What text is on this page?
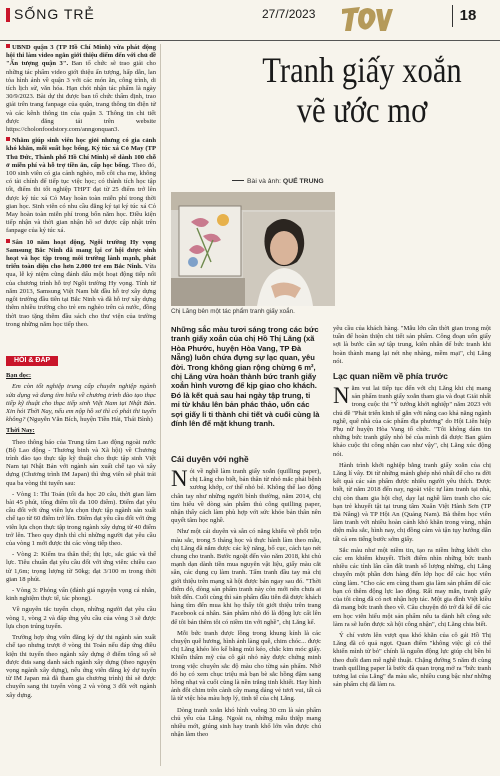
SỐNG TRẺ	27/7/2023	18

UBND quận 3 (TP Hồ Chí Minh) vừa phát động hội thi làm video ngắn giới thiệu điểm đến với chủ đề "Ấn tượng quận 3". Ban tổ chức sẽ trao giải cho những tác phẩm video giới thiệu ấn tượng, hấp dẫn, lan tỏa hình ảnh về quận 3 với các món ăn, công trình, di tích lịch sử, văn hóa. Hạn chót nhận tác phẩm là ngày 30/9/2023. Bài dự thi được ban tổ chức thẩm định, trao giải trên trang fanpage của quận, trang thông tin điện tử và các kênh thông tin của quận 3. Thông tin chi tiết được đăng tải trên website https://cholonfoodstory.com/anngonquan3.

Nhằm giúp sinh viên học giỏi nhưng có gia cảnh khó khăn, mỗi suất học bổng, Ký túc xá Cỏ May (TP Thủ Đức, Thành phố Hồ Chí Minh) sẽ dành 100 chỗ ở miễn phí và hỗ trợ tiền ăn, cấp học bổng. Theo đó, 100 sinh viên có gia cảnh nghèo, mồ côi cha mẹ, không có tài chính để tiếp tục việc học; có thành tích học tập tốt, điểm thi tốt nghiệp THPT đạt từ 25 điểm trở lên được ký túc xá Cỏ May hoàn toàn miễn phí trong thời gian học. Sinh viên có nhu cầu đăng ký tại ký túc xá Cỏ May hoàn toàn miễn phí trong bốn năm học. Điều kiện tiếp nhận và thời gian nhận hồ sơ được cập nhật trên fanpage của ký túc xá.

Sân 10 năm hoạt động, Ngôi trường Hy vọng Samsung Bắc Ninh đã mang lại cơ hội được sinh hoạt và học tập trong môi trường lành mạnh, phát triển toàn diện cho hơn 2.000 trẻ em Bắc Ninh. Vừa qua, lễ kỷ niệm cũng đánh dấu một hoạt động tiếp nối của chương trình hỗ trợ Ngôi trường Hy vọng. Tính từ năm 2013, Samsung Việt Nam bắt đầu hỗ trợ xây dựng ngôi trường đầu tiên tại Bắc Ninh và đã hỗ trợ xây dựng thêm nhiều trường cho trẻ em nghèo trên cả nước, đồng thời trao tặng thêm đầu sách cho thư viện của trường trong những năm học tiếp theo.

HỎI & ĐÁP

Bạn đọc:

Em còn tốt nghiệp trung cấp chuyên nghiệp ngành sửa dụng và đang tìm hiểu về chương trình đào tạo thạc tiếp kỹ thuật cho thạc tiếp sinh Việt Nam tại Nhật Bản. Xin hỏi Thời Nay, nếu em nộp hồ sơ thì có phải thi tuyển không? (Nguyễn Văn Bích, huyện Tiền Hải, Thái Bình)

Thời Nay:

Theo thông báo của Trung tâm Lao động ngoài nước (Bộ Lao động - Thương binh và Xã hội) về Chương trình đào tạo thực tập kỹ thuật cho thực tập sinh Việt Nam tại Nhật Bản với ngành sản xuất chế tạo và xây dựng (Chương trình IM Japan) thì ứng viên sẽ phải trải qua ba vòng thi tuyển sau:

- Vòng 1: Thi Toán (tối đa học 20 câu, thời gian làm bài 45 phút, tổng điểm tối đa 100 điểm). Điểm đạt yêu cầu đối với ứng viên lựa chọn thực tập ngành sản xuất chế tạo từ 60 điểm trở lên. Điểm đạt yêu cầu đối với ứng viên lựa chọn thực tập trong ngành xây dựng từ 40 điểm trở lên. Theo quy định thì chỉ những người đạt yêu cầu của vòng 1 mới được thi các vòng tiếp theo.

- Vòng 2: Kiểm tra thân thể; thị lực, sắc giác và thể lực. Tiêu chuẩn đạt yêu cầu đối với ứng viên: chiều cao từ 1,6m; trọng lượng từ 50kg; đạt 3/100 m trong thời gian 18 phút.

- Vòng 3: Phỏng vấn (đánh giá nguyện vọng cá nhân, kinh nghiệm thực tế, tác phong).

Về nguyên tắc tuyển chọn, những người đạt yêu cầu vòng 1, vòng 2 và đáp ứng yêu cầu của vòng 3 sẽ được lựa chọn trúng tuyển.

Trường hợp ứng viên đăng ký dự thi ngành sản xuất chế tạo nhưng trượt ở vòng thi Toán nếu đáp ứng điều kiện thi tuyển theo ngành xây dựng ở điểm tổng số sẽ được đưa sang danh sách ngành xây dựng (theo nguyện vọng ngành xây dựng), nếu ứng viên đăng ký dự tuyển từ IM Japan mà đã tham gia chương trình) thì sẽ được chuyển sang thi tuyển vòng 2 và vòng 3 đối với ngành xây dựng.

Tranh giấy xoắn
vẽ ước mơ
Bài và ảnh: QUẾ TRUNG
Chị Lăng bên một tác phẩm tranh giấy xoắn.
Những sắc màu tươi sáng trong các bức tranh giấy xoắn của chị Hồ Thị Lăng (xã Hòa Phước, huyện Hòa Vang, TP Đà Nẵng) luôn chứa đựng sự lạc quan, yêu đời. Trong không gian rộng chừng 6 m², chị Lăng vừa hoàn thành bức tranh giấy xoắn hình vương để kịp giao cho khách. Đó là kết quả sau hai ngày tập trung, tỉ mỉ từ khâu lên bản phác thảo, uốn các sợi giấy li ti thành chi tiết và cuối cùng là đính lên để mặt khung tranh.
Cái duyên với nghề

Nói về nghề làm tranh giấy xoắn (quilling paper), chị Lăng cho biết, bản thân từ nhỏ mắc phải bệnh xương khớp, cơ thể nhỏ bé. Không thể lao động chân tay như những người bình thường, năm 2014, chị tìm hiểu về dòng sản phẩm thủ công quilling paper, nhận thấy cách làm phù hợp với sức khỏe bản thân nên quyết tâm học nghề.

Như một cái duyên và sẵn có năng khiếu vẽ phối trộn màu sắc, trong 5 tháng học và thực hành làm theo mẫu, chị Lăng đã nắm được các kỹ năng, bố cục, cách tạo nét chung cho tranh. Bước ngoặt đến vào năm 2018, khi chủ mạnh dạn dành tiền mua nguyên vật liệu, giấy màu cắt sẵn, các dụng cụ làm tranh. Tấm tranh đầu tay mà chị giới thiệu trên mạng xã hội được bán ngay sau đó. "Thời điểm đó, dòng sản phẩm tranh này còn mới nên chưa ai biết đến. Cuối cùng thì sản phẩm đầu tiên đã được khách hàng tìm đến mua khi họ thấy tôi giới thiệu trên trang Facebook cá nhân. Sản phẩm nhỏ đó là động lực cất lên để tôi bán thêm tôi có niềm tin với nghề", chị Lăng kể.

Mỗi bức tranh được lồng trong khung kính là các chuyện quê hương, hình ảnh làng quê, chim chóc... được chị Lăng khéo léo kể bằng mùi kéo, chắc kim móc giấy. Khiến thấm mỹ của cô gái nhỏ này được chứng minh trong việc chuyên sắc độ màu cho từng sản phẩm. Nhờ đó họ có xem chục triệu mà bạn bè sắc hồng đậm sang hồng nhạt và cuối cùng là nền trắng tinh khiết. Hay hình ảnh đôi chim trên cành cây mang dáng vẻ tươi vui, tất cả là từ việc hòa màu hợp lý, tinh tế của chị Lăng.

Dòng tranh xoắn khó hình vuông 30 cm là sản phẩm chủ yếu của Lăng. Ngoài ra, những mẫu thiệp mang nhiều mới, giúng sinh hay tranh khổ lớn vẫn được chú nhận làm theo

yêu cầu của khách hàng. "Mẫu lớn cần thời gian trong một tuần để hoàn thiện chi tiết sản phẩm. Công đoạn uốn giấy sợi là bước cần sự tập trung, kiên nhẫn để bức tranh khi hoàn thành mang lại nét nhẹ nhàng, mềm mại", chị Lăng nói.

Lạc quan niềm về phía trước

Nằm vui lai tiếp tục đến với chị Lăng khi chị mang sản phẩm tranh giấy xoắn tham gia và đoạt Giải nhất trong cuộc thi "Ý tưởng khởi nghiệp" năm 2023 với chủ đề "Phát triển kinh tế gắn với nâng cao khả năng ngành nghề, quê nhà của các phẩm địa phương" do Hội Liên hiệp Phụ nữ huyện Hòa Vang tổ chức. "Tôi không dám tin những bức tranh giấy nhỏ bé của mình đã được Ban giám khảo cuộc thi công nhận cao như vậy", chị Lăng xúc động nói.

Hành trình khởi nghiệp bằng tranh giấy xoắn của chị Lăng lí vây. Đi từ những mảnh ghép nhỏ nhất để cho ra đời kết quả các sản phẩm được nhiều người yêu thích. Được biết, từ năm 2018 đến nay, ngoài việc tự làm tranh tại nhà, chị còn tham gia hội chợ, dạy lại nghề làm tranh cho các bạn trẻ khuyết tật tại trung tâm Xuân Việt Hành Sơn (TP Đà Nẵng) và TP Hội An (Quảng Nam). Bà thêm học viên làm tranh với nhiều hoàn cảnh khó khăn trong vùng, nhận diện mẫu sắc, hình nay, chị đồng cảm và tận tụy hướng dẫn tất cả em tiếng bước sớm giấy.

Sắc màu như một niềm tin, tạo ra niềm hứng khởi cho các em khiếm khuyết. Thời điểm nhìn những bức tranh nhiều các tính lân cần đất tranh số lượng những, chị Lăng chuyển một phần đơn hàng đến lớp học để các học viên cùng làm. "Cho các em cùng tham gia làm sản phẩm để các bạn có thêm động lực lao động. Rất may mắn, tranh giấy của tôi cũng đã có nơi nhận hợp tác. Một gia đình Việt kiều đã mang bức tranh theo về. Câu chuyện đó trở đã kể để các em học viên hiểu một sản phẩm nếu ta dành hết công sức làm ra sẽ luôn được xã hội công nhận", chị Lăng chia biết.

Ý chí vươn lên vượt qua khó khăn của cô gái Hồ Thị Lăng đã có quả ngọt. Quan điểm "không việc gì có thể khiến mình từ bỏ" chính là nguồn động lực giúp chị bền bỉ theo đuổi đam mê nghề thuật. Chặng đường 5 năm đi cùng tranh quilling paper là bước đà quan trọng mở ra "bức tranh tương lai của Lăng" đa màu sắc, nhiều cung bậc như những sản phẩm chị đã làm ra.
